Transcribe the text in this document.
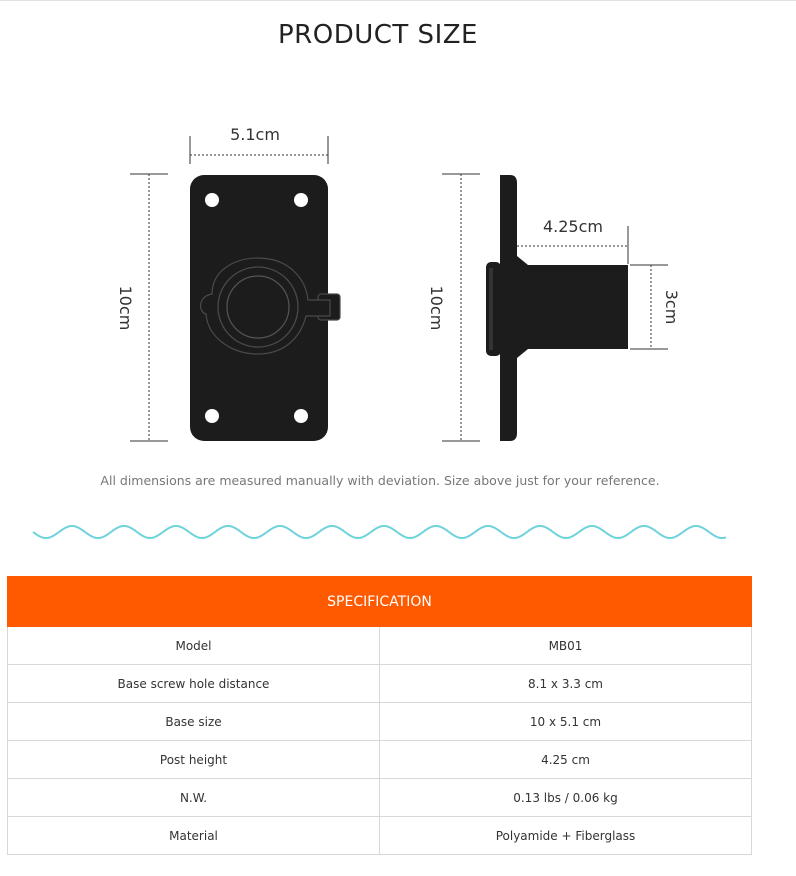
PRODUCT SIZE
5.1cm
10cm	10cm
4.25cm
3cm
All dimensions are measured manually with deviation. Size above just for your reference.
SPECIFICATION	
Model	MB01
Base screw hole distance	8.1 x 3.3 cm
Base size	10 x 5.1 cm
Post height	4.25 cm
N.W.	0.13 lbs / 0.06 kg
Material	Polyamide + Fiberglass
